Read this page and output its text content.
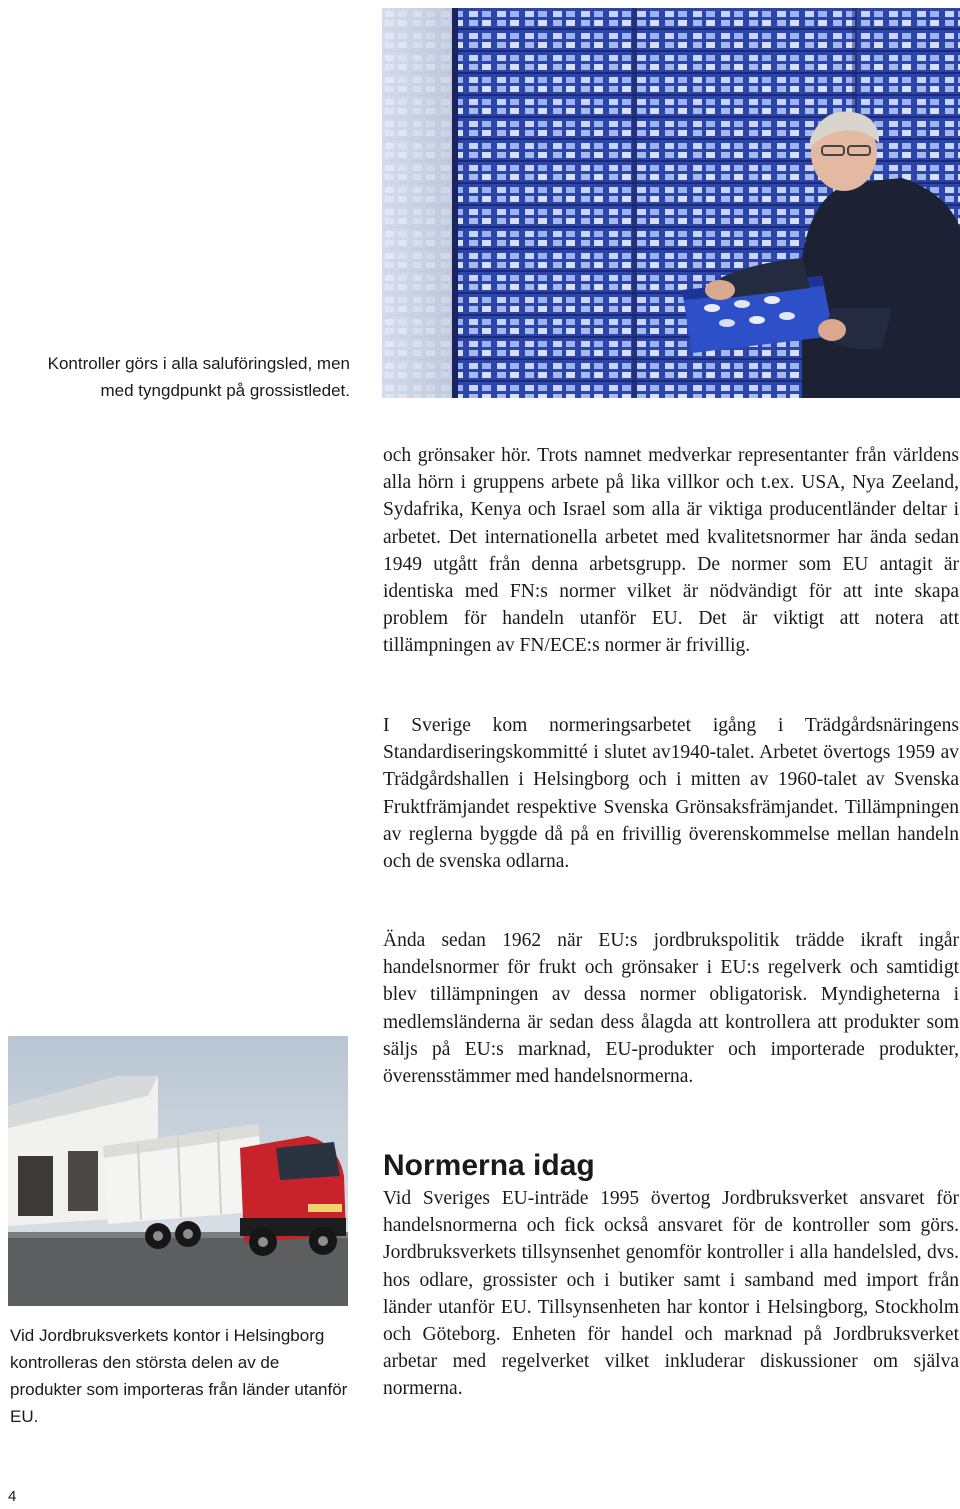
Kontroller görs i alla saluföringsled, men med tyngdpunkt på grossistledet.

och grönsaker hör. Trots namnet medverkar representanter från världens alla hörn i gruppens arbete på lika villkor och t.ex. USA, Nya Zeeland, Sydafrika, Kenya och Israel som alla är viktiga producentländer deltar i arbetet. Det internationella arbetet med kvalitetsnormer har ända sedan 1949 utgått från denna arbetsgrupp. De normer som EU antagit är identiska med FN:s normer vilket är nödvändigt för att inte skapa problem för handeln utanför EU. Det är viktigt att notera att tillämpningen av FN/ECE:s normer är frivillig.

I Sverige kom normeringsarbetet igång i Trädgårdsnäringens Standardiseringskommitté i slutet av1940-talet. Arbetet övertogs 1959 av Trädgårdshallen i Helsingborg och i mitten av 1960-talet av Svenska Fruktfrämjandet respektive Svenska Grönsaksfrämjandet. Tillämpningen av reglerna byggde då på en frivillig överenskommelse mellan handeln och de svenska odlarna.

Ända sedan 1962 när EU:s jordbrukspolitik trädde ikraft ingår handelsnormer för frukt och grönsaker i EU:s regelverk och samtidigt blev tillämpningen av dessa normer obligatorisk. Myndigheterna i medlemsländerna är sedan dess ålagda att kontrollera att produkter som säljs på EU:s marknad, EU-produkter och importerade produkter, överensstämmer med handelsnormerna.

Vid Jordbruksverkets kontor i Helsingborg kontrolleras den största delen av de produkter som importeras från länder utanför EU.
Normerna idag

Vid Sveriges EU-inträde 1995 övertog Jordbruksverket ansvaret för handelsnormerna och fick också ansvaret för de kontroller som görs. Jordbruksverkets tillsynsenhet genomför kontroller i alla handelsled, dvs. hos odlare, grossister och i butiker samt i samband med import från länder utanför EU. Tillsynsenheten har kontor i Helsingborg, Stockholm och Göteborg. Enheten för handel och marknad på Jordbruksverket arbetar med regelverket vilket inkluderar diskussioner om själva normerna.

4
